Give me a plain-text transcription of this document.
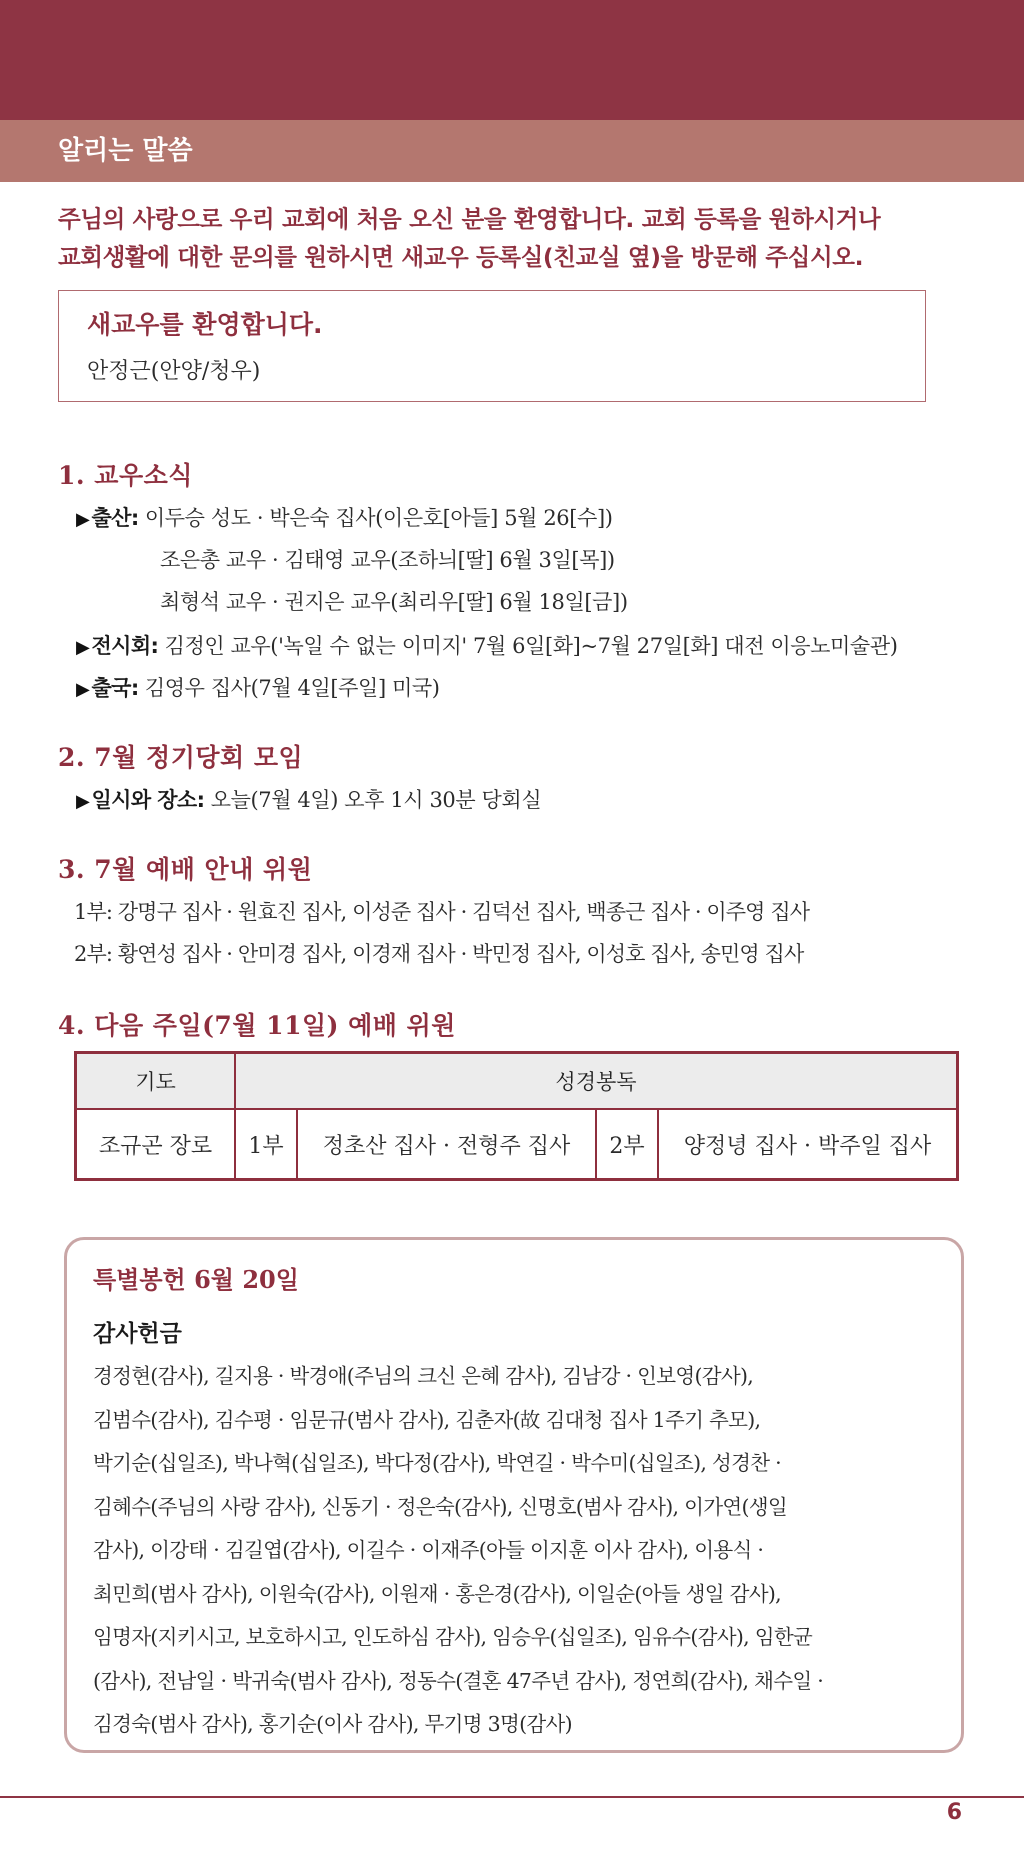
알리는 말씀
주님의 사랑으로 우리 교회에 처음 오신 분을 환영합니다. 교회 등록을 원하시거나
교회생활에 대한 문의를 원하시면 새교우 등록실(친교실 옆)을 방문해 주십시오.
새교우를 환영합니다.
안정근(안양/청우)
1. 교우소식
▶출산: 이두승 성도 · 박은숙 집사(이은호[아들] 5월 26[수])
조은총 교우 · 김태영 교우(조하늬[딸] 6월 3일[목])
최형석 교우 · 권지은 교우(최리우[딸] 6월 18일[금])
▶전시회: 김정인 교우('녹일 수 없는 이미지' 7월 6일[화]~7월 27일[화] 대전 이응노미술관)
▶출국: 김영우 집사(7월 4일[주일] 미국)
2. 7월 정기당회 모임
▶일시와 장소: 오늘(7월 4일) 오후 1시 30분 당회실
3. 7월 예배 안내 위원
1부: 강명구 집사 · 원효진 집사, 이성준 집사 · 김덕선 집사, 백종근 집사 · 이주영 집사
2부: 황연성 집사 · 안미경 집사, 이경재 집사 · 박민정 집사, 이성호 집사, 송민영 집사
4. 다음 주일(7월 11일) 예배 위원
기도	성경봉독			
조규곤 장로	1부	정초산 집사 · 전형주 집사	2부	양정녕 집사 · 박주일 집사
특별봉헌 6월 20일
감사헌금
경정현(감사), 길지용 · 박경애(주님의 크신 은혜 감사), 김남강 · 인보영(감사),
김범수(감사), 김수평 · 임문규(범사 감사), 김춘자(故 김대청 집사 1주기 추모),
박기순(십일조), 박나혁(십일조), 박다정(감사), 박연길 · 박수미(십일조), 성경찬 ·
김혜수(주님의 사랑 감사), 신동기 · 정은숙(감사), 신명호(범사 감사), 이가연(생일
감사), 이강태 · 김길엽(감사), 이길수 · 이재주(아들 이지훈 이사 감사), 이용식 ·
최민희(범사 감사), 이원숙(감사), 이원재 · 홍은경(감사), 이일순(아들 생일 감사),
임명자(지키시고, 보호하시고, 인도하심 감사), 임승우(십일조), 임유수(감사), 임한균
(감사), 전남일 · 박귀숙(범사 감사), 정동수(결혼 47주년 감사), 정연희(감사), 채수일 ·
김경숙(범사 감사), 홍기순(이사 감사), 무기명 3명(감사)
6
